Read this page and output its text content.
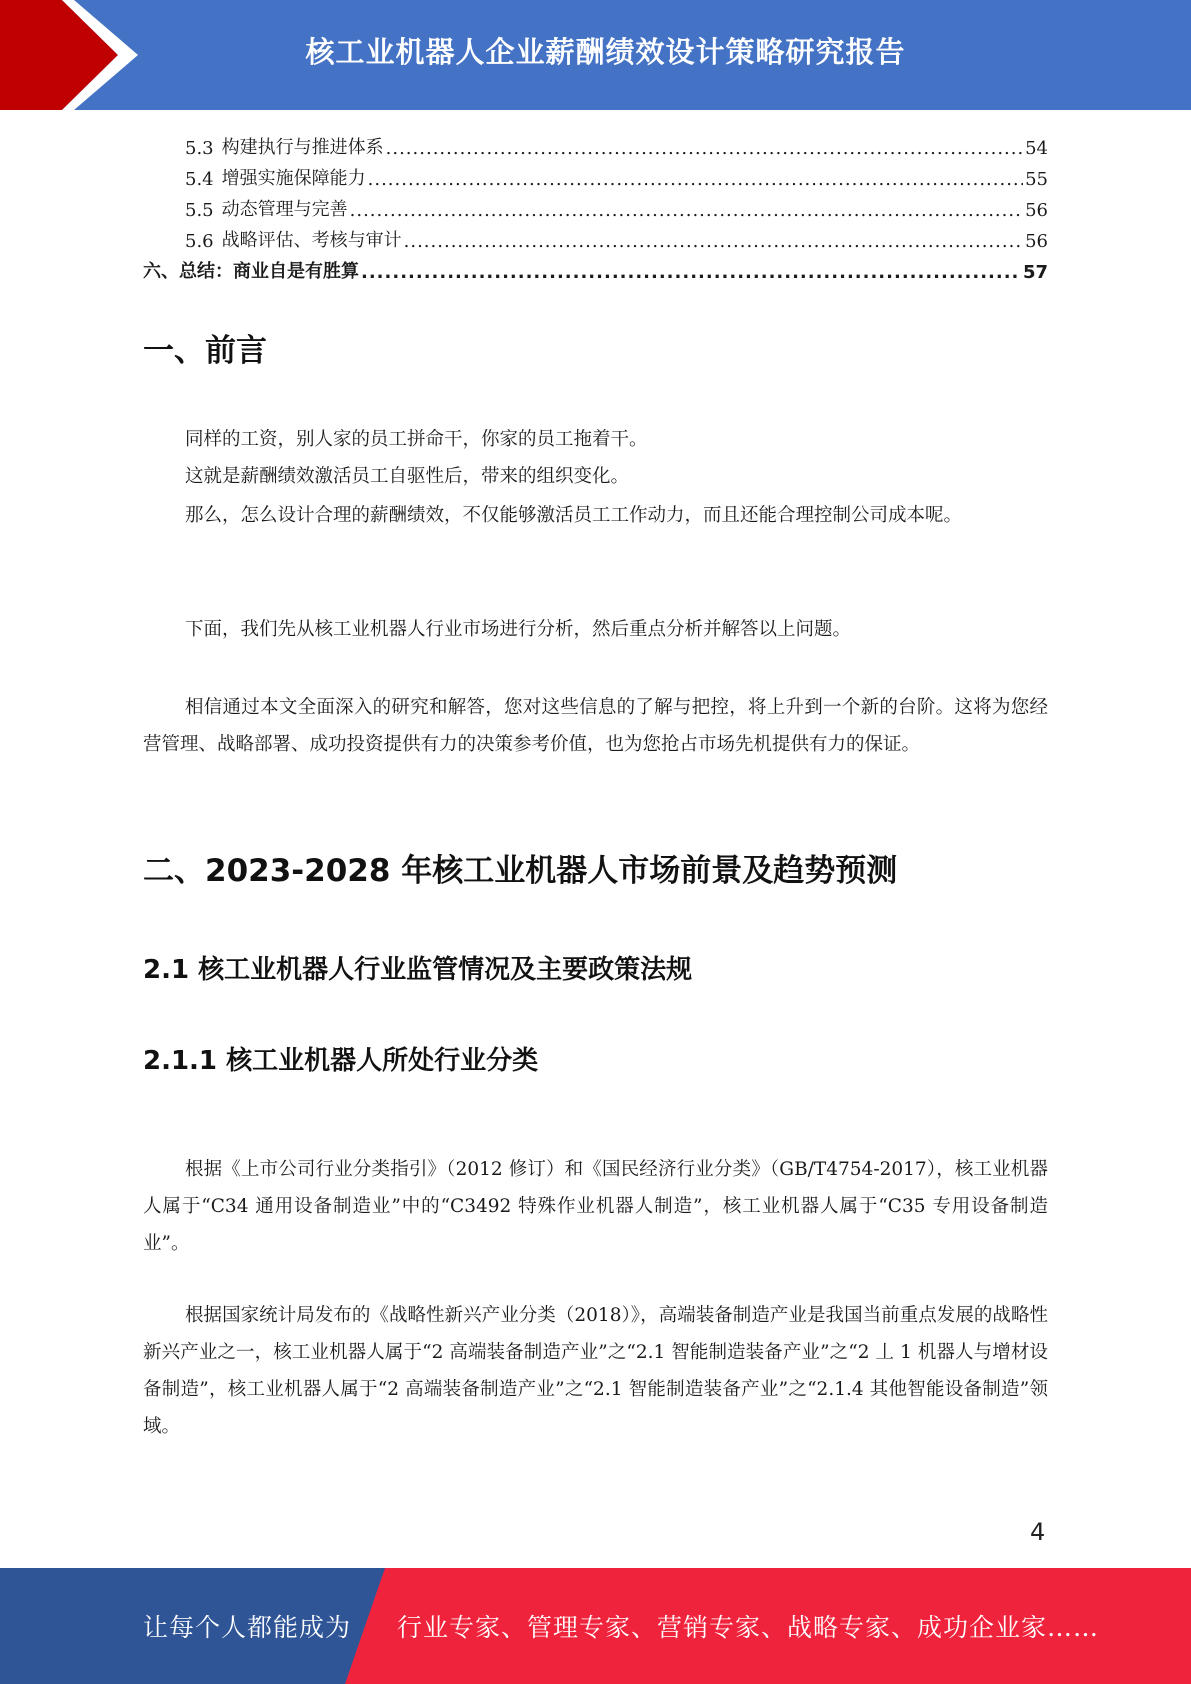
核工业机器人企业薪酬绩效设计策略研究报告
5.3 构建执行与推进体系 .....	54
5.4 增强实施保障能力 .....	55
5.5 动态管理与完善 .....	56
5.6 战略评估、考核与审计 .....	56
六、总结：商业自是有胜算 .....	57
一、前言
同样的工资，别人家的员工拼命干，你家的员工拖着干。
这就是薪酬绩效激活员工自驱性后，带来的组织变化。
那么，怎么设计合理的薪酬绩效，不仅能够激活员工工作动力，而且还能合理控制公司成本呢。
下面，我们先从核工业机器人行业市场进行分析，然后重点分析并解答以上问题。
相信通过本文全面深入的研究和解答，您对这些信息的了解与把控，将上升到一个新的台阶。这将为您经营管理、战略部署、成功投资提供有力的决策参考价值，也为您抢占市场先机提供有力的保证。
二、2023-2028 年核工业机器人市场前景及趋势预测
2.1 核工业机器人行业监管情况及主要政策法规
2.1.1 核工业机器人所处行业分类
根据《上市公司行业分类指引》（2012 修订）和《国民经济行业分类》（GB/T4754-2017），核工业机器人属于“C34 通用设备制造业”中的“C3492 特殊作业机器人制造”，核工业机器人属于“C35 专用设备制造业”。
根据国家统计局发布的《战略性新兴产业分类（2018）》，高端装备制造产业是我国当前重点发展的战略性新兴产业之一，核工业机器人属于“2 高端装备制造产业”之“2.1 智能制造装备产业”之“2 丄 1 机器人与增材设备制造”，核工业机器人属于“2 高端装备制造产业”之“2.1 智能制造装备产业”之“2.1.4 其他智能设备制造”领域。
4
让每个人都能成为 行业专家、管理专家、营销专家、战略专家、成功企业家……
